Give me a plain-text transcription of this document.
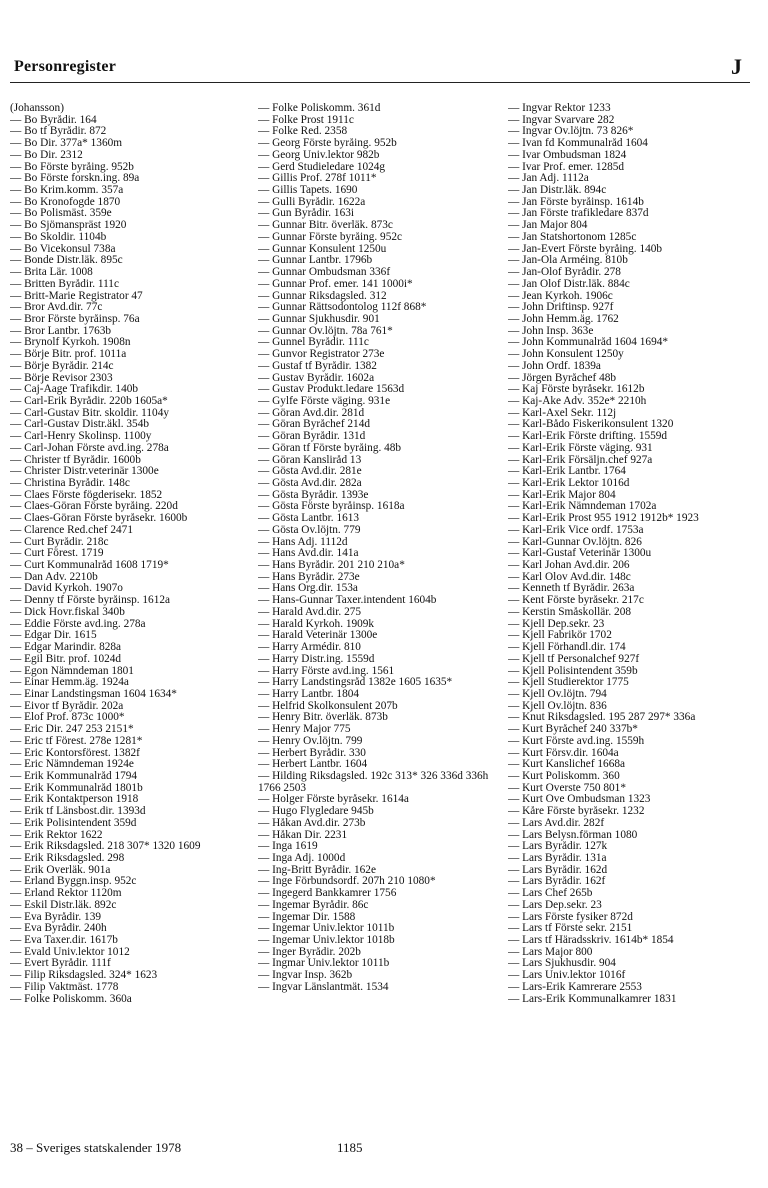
Personregister	J
(Johansson)
— Bo Byrådir. 164
— Bo tf Byrådir. 872
— Bo Dir. 377a* 1360m
— Bo Dir. 2312
— Bo Förste byråing. 952b
— Bo Förste forskn.ing. 89a
— Bo Krim.komm. 357a
— Bo Kronofogde 1870
— Bo Polismäst. 359e
— Bo Sjömanspräst 1920
— Bo Skoldir. 1104b
— Bo Vicekonsul 738a
— Bonde Distr.läk. 895c
— Brita Lär. 1008
— Britten Byrådir. 111c
— Britt-Marie Registrator 47
— Bror Avd.dir. 77c
— Bror Förste byråinsp. 76a
— Bror Lantbr. 1763b
— Brynolf Kyrkoh. 1908n
— Börje Bitr. prof. 1011a
— Börje Byrådir. 214c
— Börje Revisor 2303
— Caj-Aage Trafikdir. 140b
— Carl-Erik Byrådir. 220b 1605a*
— Carl-Gustav Bitr. skoldir. 1104y
— Carl-Gustav Distr.äkl. 354b
— Carl-Henry Skolinsp. 1100y
— Carl-Johan Förste avd.ing. 278a
— Christer tf Byrådir. 1600b
— Christer Distr.veterinär 1300e
— Christina Byrådir. 148c
— Claes Förste fögderisekr. 1852
— Claes-Göran Förste byråing. 220d
— Claes-Göran Förste byråsekr. 1600b
— Clarence Red.chef 2471
— Curt Byrådir. 218c
— Curt Förest. 1719
— Curt Kommunalråd 1608 1719*
— Dan Adv. 2210b
— David Kyrkoh. 1907o
— Denny tf Förste byråinsp. 1612a
— Dick Hovr.fiskal 340b
— Eddie Förste avd.ing. 278a
— Edgar Dir. 1615
— Edgar Marindir. 828a
— Egil Bitr. prof. 1024d
— Egon Nämndeman 1801
— Einar Hemm.äg. 1924a
— Einar Landstingsman 1604 1634*
— Eivor tf Byrådir. 202a
— Elof Prof. 873c 1000*
— Eric Dir. 247 253 2151*
— Eric tf Förest. 278e 1281*
— Eric Kontorsförest. 1382f
— Eric Nämndeman 1924e
— Erik Kommunalråd 1794
— Erik Kommunalråd 1801b
— Erik Kontaktperson 1918
— Erik tf Länsbost.dir. 1393d
— Erik Polisintendent 359d
— Erik Rektor 1622
— Erik Riksdagsled. 218 307* 1320 1609
— Erik Riksdagsled. 298
— Erik Överläk. 901a
— Erland Byggn.insp. 952c
— Erland Rektor 1120m
— Eskil Distr.läk. 892c
— Eva Byrådir. 139
— Eva Byrådir. 240h
— Eva Taxer.dir. 1617b
— Evald Univ.lektor 1012
— Evert Byrådir. 111f
— Filip Riksdagsled. 324* 1623
— Filip Vaktmäst. 1778
— Folke Poliskomm. 360a
— Folke Poliskomm. 361d
— Folke Prost 1911c
— Folke Red. 2358
— Georg Förste byråing. 952b
— Georg Univ.lektor 982b
— Gerd Studieledare 1024g
— Gillis Prof. 278f 1011*
— Gillis Tapets. 1690
— Gulli Byrådir. 1622a
— Gun Byrådir. 163i
— Gunnar Bitr. överläk. 873c
— Gunnar Förste byråing. 952c
— Gunnar Konsulent 1250u
— Gunnar Lantbr. 1796b
— Gunnar Ombudsman 336f
— Gunnar Prof. emer. 141 1000i*
— Gunnar Riksdagsled. 312
— Gunnar Rättsodontolog 112f 868*
— Gunnar Sjukhusdir. 901
— Gunnar Öv.löjtn. 78a 761*
— Gunnel Byrådir. 111c
— Gunvor Registrator 273e
— Gustaf tf Byrådir. 1382
— Gustav Byrådir. 1602a
— Gustav Produkt.ledare 1563d
— Gylfe Förste väging. 931e
— Göran Avd.dir. 281d
— Göran Byråchef 214d
— Göran Byrådir. 131d
— Göran tf Förste byråing. 48b
— Göran Kansliråd 13
— Gösta Avd.dir. 281e
— Gösta Avd.dir. 282a
— Gösta Byrådir. 1393e
— Gösta Förste byråinsp. 1618a
— Gösta Lantbr. 1613
— Gösta Öv.löjtn. 779
— Hans Adj. 1112d
— Hans Avd.dir. 141a
— Hans Byrådir. 201 210 210a*
— Hans Byrådir. 273e
— Hans Org.dir. 153a
— Hans-Gunnar Taxer.intendent 1604b
— Harald Avd.dir. 275
— Harald Kyrkoh. 1909k
— Harald Veterinär 1300e
— Harry Armédir. 810
— Harry Distr.ing. 1559d
— Harry Förste avd.ing. 1561
— Harry Landstingsråd 1382e 1605 1635*
— Harry Lantbr. 1804
— Helfrid Skolkonsulent 207b
— Henry Bitr. överläk. 873b
— Henry Major 775
— Henry Öv.löjtn. 799
— Herbert Byrådir. 330
— Herbert Lantbr. 1604
— Hilding Riksdagsled. 192c 313* 326 336d 336h 1766 2503
— Holger Förste byråsekr. 1614a
— Hugo Flygledare 945b
— Håkan Avd.dir. 273b
— Håkan Dir. 2231
— Inga 1619
— Inga Adj. 1000d
— Ing-Britt Byrådir. 162e
— Inge Förbundsordf. 207h 210 1080*
— Ingegerd Bankkamrer 1756
— Ingemar Byrådir. 86c
— Ingemar Dir. 1588
— Ingemar Univ.lektor 1011b
— Ingemar Univ.lektor 1018b
— Inger Byrådir. 202b
— Ingmar Univ.lektor 1011b
— Ingvar Insp. 362b
— Ingvar Länslantmät. 1534
— Ingvar Rektor 1233
— Ingvar Svarvare 282
— Ingvar Öv.löjtn. 73 826*
— Ivan fd Kommunalråd 1604
— Ivar Ombudsman 1824
— Ivar Prof. emer. 1285d
— Jan Adj. 1112a
— Jan Distr.läk. 894c
— Jan Förste byråinsp. 1614b
— Jan Förste trafikledare 837d
— Jan Major 804
— Jan Statshortonom 1285c
— Jan-Evert Förste byråing. 140b
— Jan-Ola Arméing. 810b
— Jan-Olof Byrådir. 278
— Jan Olof Distr.läk. 884c
— Jean Kyrkoh. 1906c
— John Driftinsp. 927f
— John Hemm.äg. 1762
— John Insp. 363e
— John Kommunalråd 1604 1694*
— John Konsulent 1250y
— John Ordf. 1839a
— Jörgen Byråchef 48b
— Kaj Förste byråsekr. 1612b
— Kaj-Åke Adv. 352e* 2210h
— Karl-Axel Sekr. 112j
— Karl-Bådo Fiskerikonsulent 1320
— Karl-Erik Förste drifting. 1559d
— Karl-Erik Förste väging. 931
— Karl-Erik Försäljn.chef 927a
— Karl-Erik Lantbr. 1764
— Karl-Erik Lektor 1016d
— Karl-Erik Major 804
— Karl-Erik Nämndeman 1702a
— Karl-Erik Prost 955 1912 1912b* 1923
— Karl-Erik Vice ordf. 1753a
— Karl-Gunnar Öv.löjtn. 826
— Karl-Gustaf Veterinär 1300u
— Karl Johan Avd.dir. 206
— Karl Olov Avd.dir. 148c
— Kenneth tf Byrådir. 263a
— Kent Förste byråsekr. 217c
— Kerstin Småskollär. 208
— Kjell Dep.sekr. 23
— Kjell Fabrikör 1702
— Kjell Förhandl.dir. 174
— Kjell tf Personalchef 927f
— Kjell Polisintendent 359b
— Kjell Studierektor 1775
— Kjell Öv.löjtn. 794
— Kjell Öv.löjtn. 836
— Knut Riksdagsled. 195 287 297* 336a
— Kurt Byråchef 240 337b*
— Kurt Förste avd.ing. 1559h
— Kurt Försv.dir. 1604a
— Kurt Kanslichef 1668a
— Kurt Poliskomm. 360
— Kurt Överste 750 801*
— Kurt Ove Ombudsman 1323
— Kåre Förste byråsekr. 1232
— Lars Avd.dir. 282f
— Lars Belysn.förman 1080
— Lars Byrådir. 127k
— Lars Byrådir. 131a
— Lars Byrådir. 162d
— Lars Byrådir. 162f
— Lars Chef 265b
— Lars Dep.sekr. 23
— Lars Förste fysiker 872d
— Lars tf Förste sekr. 2151
— Lars tf Häradsskriv. 1614b* 1854
— Lars Major 800
— Lars Sjukhusdir. 904
— Lars Univ.lektor 1016f
— Lars-Erik Kamrerare 2553
— Lars-Erik Kommunalkamrer 1831
38 – Sveriges statskalender 1978	1185
